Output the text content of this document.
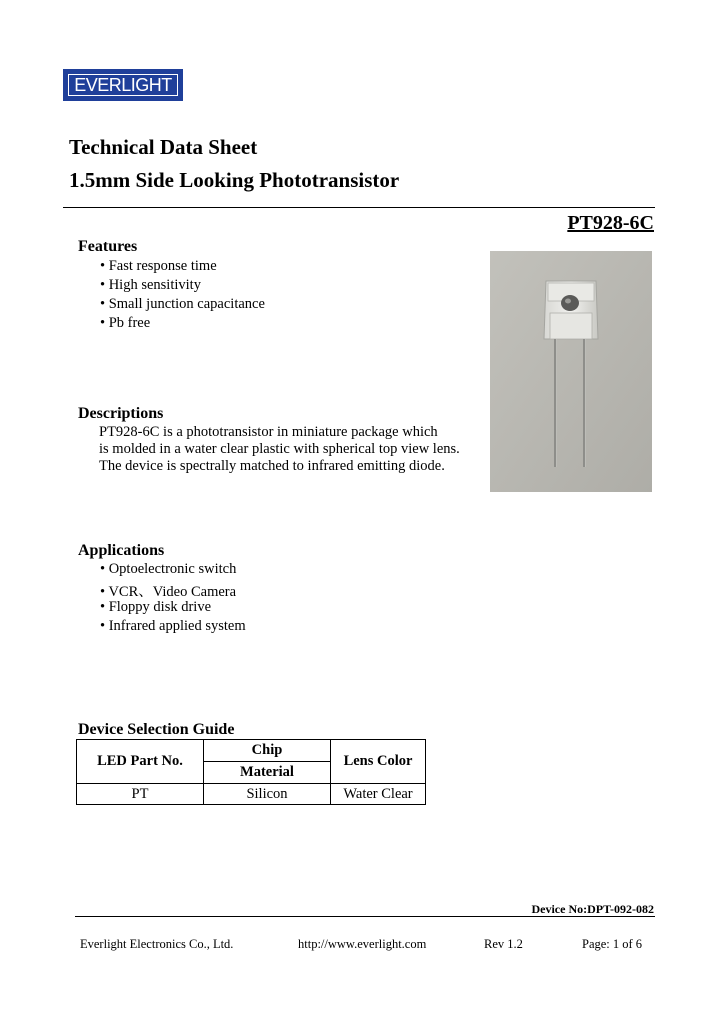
EVERLIGHT
Technical Data Sheet
1.5mm Side Looking Phototransistor
PT928-6C
Features
• Fast response time
• High sensitivity
• Small junction capacitance
• Pb free
Descriptions
PT928-6C is a phototransistor in miniature package which
is molded in a water clear plastic with spherical top view lens.
The device is spectrally matched to infrared emitting diode.
Applications
• Optoelectronic switch
• VCR、Video Camera
• Floppy disk drive
• Infrared applied system
Device Selection Guide
LED Part No.	Chip	Lens Color
	Material	
PT	Silicon	Water Clear
Device No:DPT-092-082
Everlight Electronics Co., Ltd.	http://www.everlight.com	Rev 1.2	Page: 1 of 6
